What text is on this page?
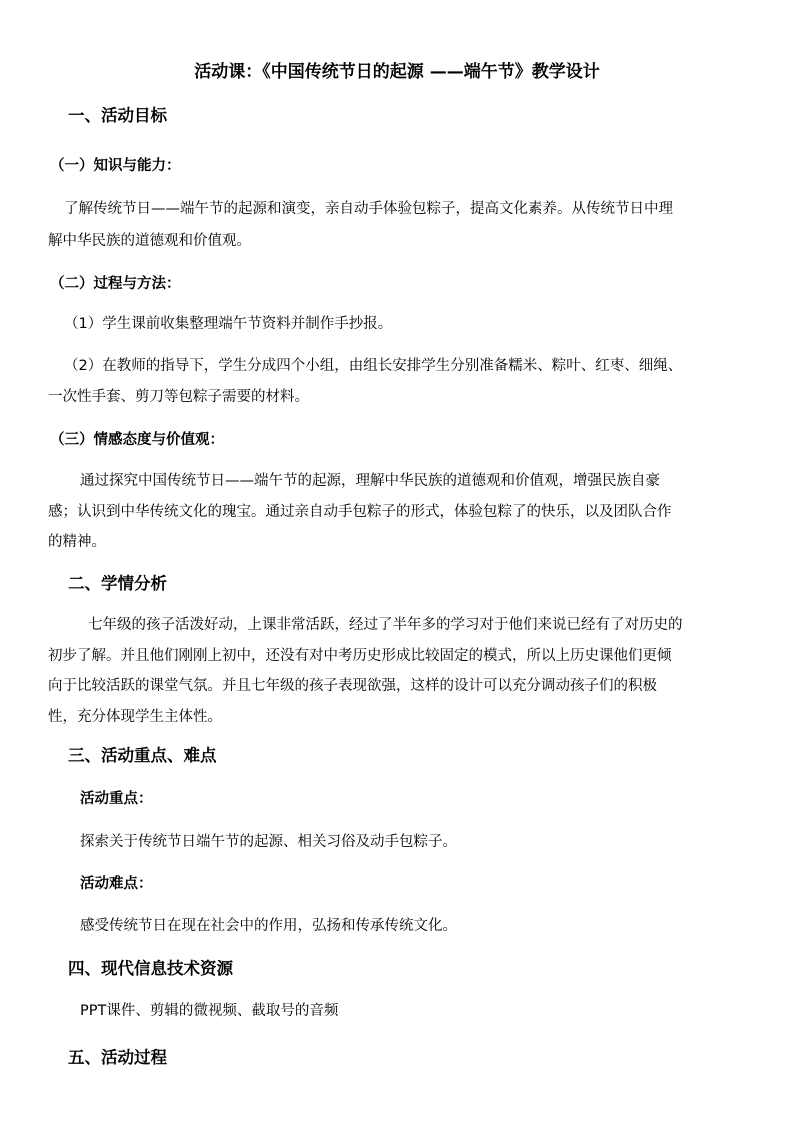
活动课：《中国传统节日的起源 ——端午节》教学设计
一、活动目标
（一）知识与能力：
了解传统节日——端午节的起源和演变，亲自动手体验包粽子，提高文化素养。从传统节日中理
解中华民族的道德观和价值观。
（二）过程与方法：
（1）学生课前收集整理端午节资料并制作手抄报。
（2）在教师的指导下，学生分成四个小组，由组长安排学生分别准备糯米、粽叶、红枣、细绳、
一次性手套、剪刀等包粽子需要的材料。
（三）情感态度与价值观：
通过探究中国传统节日——端午节的起源，理解中华民族的道德观和价值观，增强民族自豪
感；认识到中华传统文化的瑰宝。通过亲自动手包粽子的形式，体验包粽了的快乐，以及团队合作
的精神。
二、学情分析
七年级的孩子活泼好动，上课非常活跃，经过了半年多的学习对于他们来说已经有了对历史的
初步了解。并且他们刚刚上初中，还没有对中考历史形成比较固定的模式，所以上历史课他们更倾
向于比较活跃的课堂气氛。并且七年级的孩子表现欲强，这样的设计可以充分调动孩子们的积极
性，充分体现学生主体性。
三、活动重点、难点
活动重点：
探索关于传统节日端午节的起源、相关习俗及动手包粽子。
活动难点：
感受传统节日在现在社会中的作用，弘扬和传承传统文化。
四、现代信息技术资源
PPT课件、剪辑的微视频、截取号的音频
五、活动过程
